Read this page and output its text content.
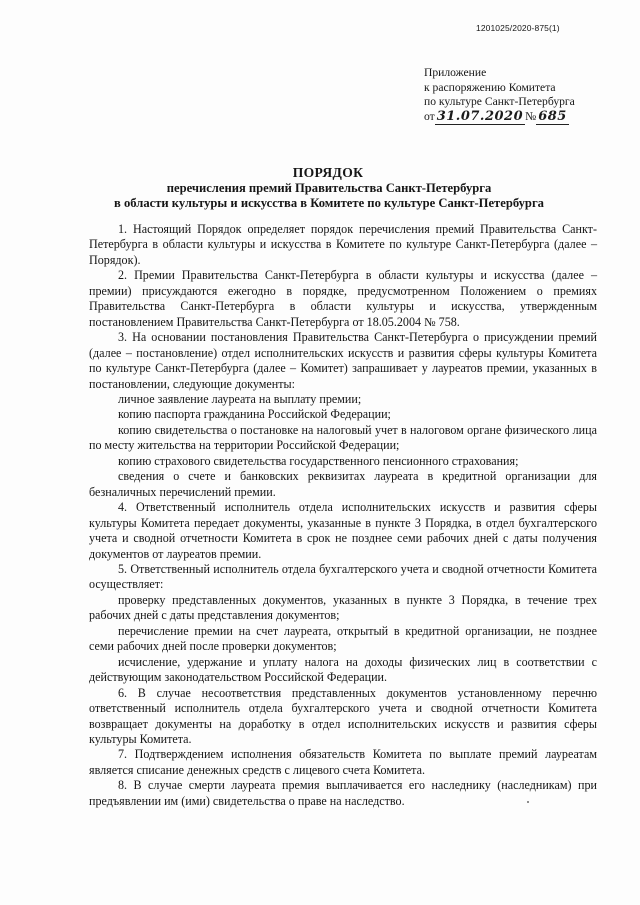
1201025/2020-875(1)
Приложение
к распоряжению Комитета
по культуре Санкт-Петербурга
от 31.07.2020 № 685
ПОРЯДОК
перечисления премий Правительства Санкт-Петербурга
в области культуры и искусства в Комитете по культуре Санкт-Петербурга

1. Настоящий Порядок определяет порядок перечисления премий Правительства Санкт-Петербурга в области культуры и искусства в Комитете по культуре Санкт-Петербурга (далее – Порядок).

2. Премии Правительства Санкт-Петербурга в области культуры и искусства (далее – премии) присуждаются ежегодно в порядке, предусмотренном Положением о премиях Правительства Санкт-Петербурга в области культуры и искусства, утвержденным постановлением Правительства Санкт-Петербурга от 18.05.2004 № 758.

3. На основании постановления Правительства Санкт-Петербурга о присуждении премий (далее – постановление) отдел исполнительских искусств и развития сферы культуры Комитета по культуре Санкт-Петербурга (далее – Комитет) запрашивает у лауреатов премии, указанных в постановлении, следующие документы:

личное заявление лауреата на выплату премии;

копию паспорта гражданина Российской Федерации;

копию свидетельства о постановке на налоговый учет в налоговом органе физического лица по месту жительства на территории Российской Федерации;

копию страхового свидетельства государственного пенсионного страхования;

сведения о счете и банковских реквизитах лауреата в кредитной организации для безналичных перечислений премии.

4. Ответственный исполнитель отдела исполнительских искусств и развития сферы культуры Комитета передает документы, указанные в пункте 3 Порядка, в отдел бухгалтерского учета и сводной отчетности Комитета в срок не позднее семи рабочих дней с даты получения документов от лауреатов премии.

5. Ответственный исполнитель отдела бухгалтерского учета и сводной отчетности Комитета осуществляет:

проверку представленных документов, указанных в пункте 3 Порядка, в течение трех рабочих дней с даты представления документов;

перечисление премии на счет лауреата, открытый в кредитной организации, не позднее семи рабочих дней после проверки документов;

исчисление, удержание и уплату налога на доходы физических лиц в соответствии с действующим законодательством Российской Федерации.

6. В случае несоответствия представленных документов установленному перечню ответственный исполнитель отдела бухгалтерского учета и сводной отчетности Комитета возвращает документы на доработку в отдел исполнительских искусств и развития сферы культуры Комитета.

7. Подтверждением исполнения обязательств Комитета по выплате премий лауреатам является списание денежных средств с лицевого счета Комитета.

8. В случае смерти лауреата премия выплачивается его наследнику (наследникам) при предъявлении им (ими) свидетельства о праве на наследство.
